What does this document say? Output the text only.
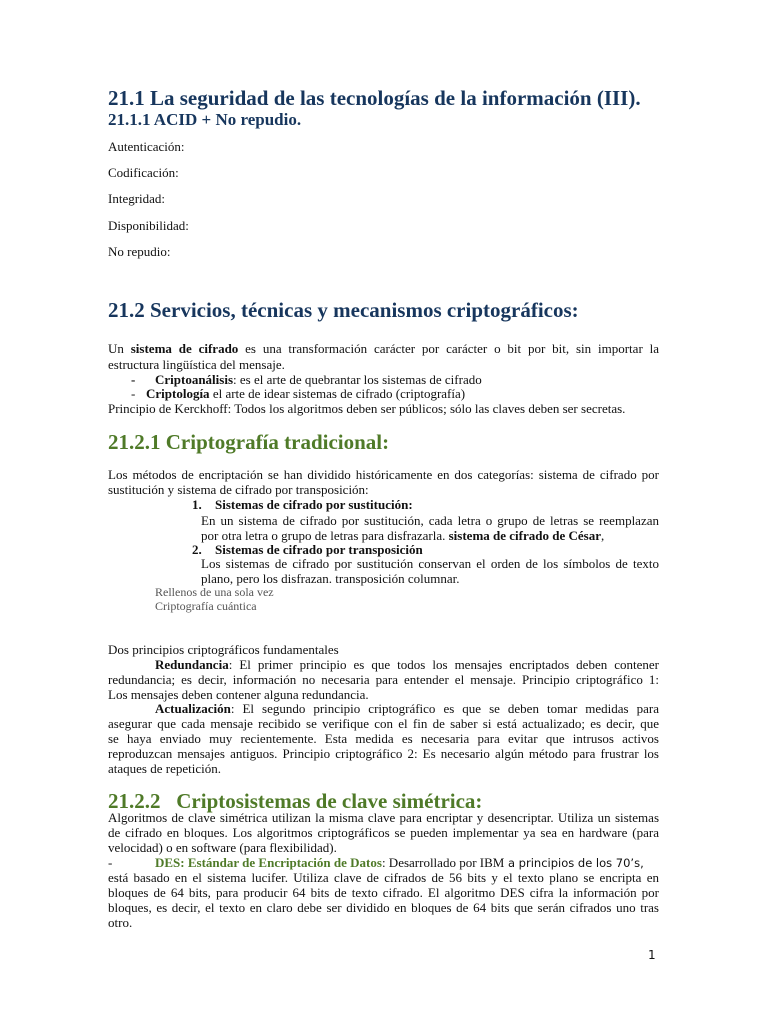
21.1 La seguridad de las tecnologías de la información (III).
21.1.1 ACID + No repudio.
Autenticación:
Codificación:
Integridad:
Disponibilidad:
No repudio:
21.2 Servicios, técnicas y mecanismos criptográficos:
Un sistema de cifrado es una transformación carácter por carácter o bit por bit, sin importar la
estructura lingüística del mensaje.
- Criptoanálisis: es el arte de quebrantar los sistemas de cifrado
- Criptología el arte de idear sistemas de cifrado (criptografía)
Principio de Kerckhoff: Todos los algoritmos deben ser públicos; sólo las claves deben ser secretas.
21.2.1 Criptografía tradicional:
Los métodos de encriptación se han dividido históricamente en dos categorías: sistema de cifrado por
sustitución y sistema de cifrado por transposición:
1. Sistemas de cifrado por sustitución:
En un sistema de cifrado por sustitución, cada letra o grupo de letras se reemplazan
por otra letra o grupo de letras para disfrazarla. sistema de cifrado de César,
2. Sistemas de cifrado por transposición
Los sistemas de cifrado por sustitución conservan el orden de los símbolos de texto
plano, pero los disfrazan. transposición columnar.
Rellenos de una sola vez
Criptografía cuántica
Dos principios criptográficos fundamentales
Redundancia: El primer principio es que todos los mensajes encriptados deben contener
redundancia; es decir, información no necesaria para entender el mensaje. Principio criptográfico 1:
Los mensajes deben contener alguna redundancia.
Actualización: El segundo principio criptográfico es que se deben tomar medidas para
asegurar que cada mensaje recibido se verifique con el fin de saber si está actualizado; es decir, que
se haya enviado muy recientemente. Esta medida es necesaria para evitar que intrusos activos
reproduzcan mensajes antiguos. Principio criptográfico 2: Es necesario algún método para frustrar los
ataques de repetición.
21.2.2   Criptosistemas de clave simétrica:
Algoritmos de clave simétrica utilizan la misma clave para encriptar y desencriptar. Utiliza un sistemas
de cifrado en bloques. Los algoritmos criptográficos se pueden implementar ya sea en hardware (para
velocidad) o en software (para flexibilidad).
-	DES: Estándar de Encriptación de Datos: Desarrollado por IBM a principios de los 70’s,
está basado en el sistema lucifer. Utiliza clave de cifrados de 56 bits y el texto plano se encripta en
bloques de 64 bits, para producir 64 bits de texto cifrado. El algoritmo DES cifra la información por
bloques, es decir, el texto en claro debe ser dividido en bloques de 64 bits que serán cifrados uno tras
otro.
1
